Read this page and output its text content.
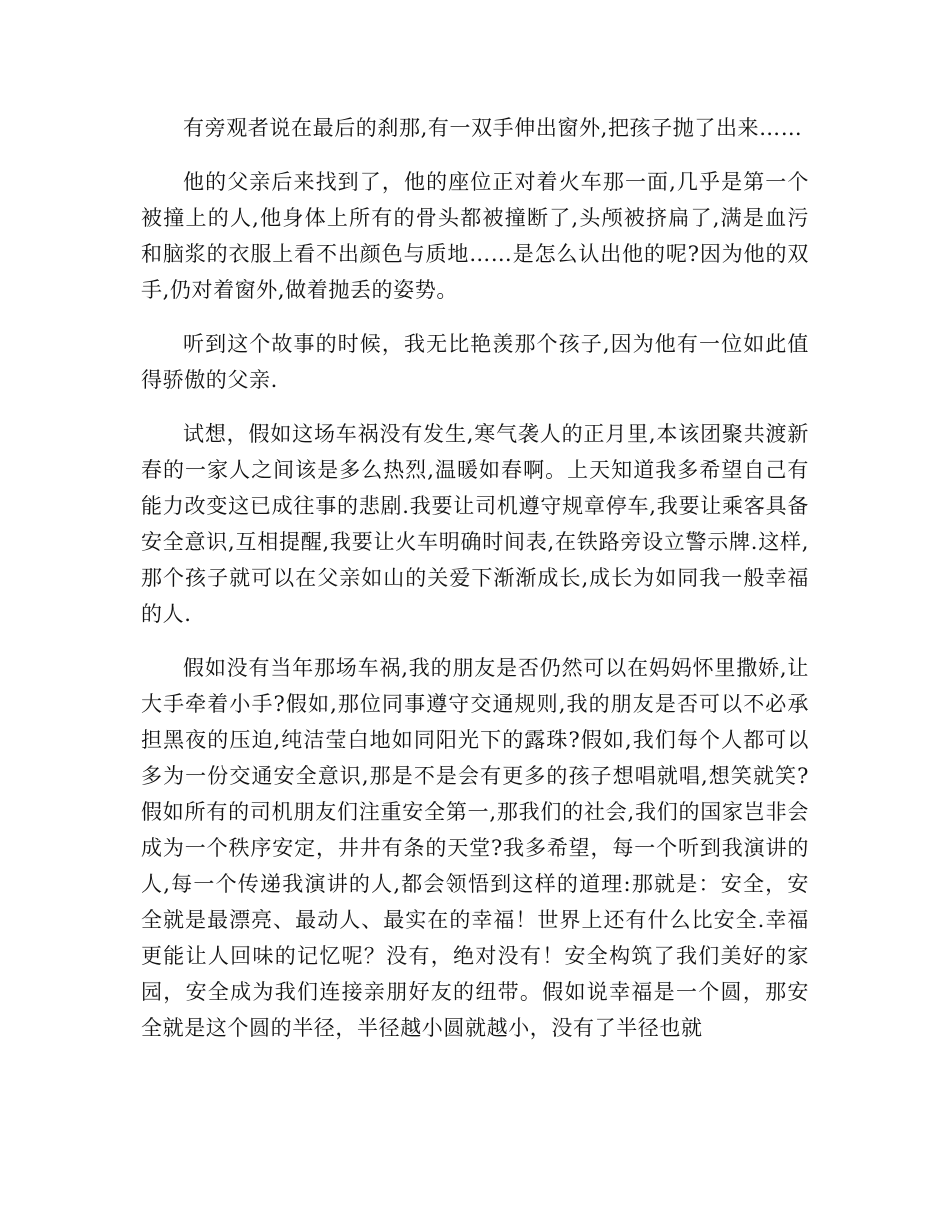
有旁观者说在最后的刹那,有一双手伸出窗外,把孩子抛了出来……

他的父亲后来找到了，他的座位正对着火车那一面,几乎是第一个被撞上的人,他身体上所有的骨头都被撞断了,头颅被挤扁了,满是血污和脑浆的衣服上看不出颜色与质地……是怎么认出他的呢?因为他的双手,仍对着窗外,做着抛丢的姿势。

听到这个故事的时候，我无比艳羡那个孩子,因为他有一位如此值得骄傲的父亲.

试想，假如这场车祸没有发生,寒气袭人的正月里,本该团聚共渡新春的一家人之间该是多么热烈,温暖如春啊。上天知道我多希望自己有能力改变这已成往事的悲剧.我要让司机遵守规章停车,我要让乘客具备安全意识,互相提醒,我要让火车明确时间表,在铁路旁设立警示牌.这样,那个孩子就可以在父亲如山的关爱下渐渐成长,成长为如同我一般幸福的人.

假如没有当年那场车祸,我的朋友是否仍然可以在妈妈怀里撒娇,让大手牵着小手?假如,那位同事遵守交通规则,我的朋友是否可以不必承担黑夜的压迫,纯洁莹白地如同阳光下的露珠?假如,我们每个人都可以多为一份交通安全意识,那是不是会有更多的孩子想唱就唱,想笑就笑?假如所有的司机朋友们注重安全第一,那我们的社会,我们的国家岂非会成为一个秩序安定，井井有条的天堂?我多希望，每一个听到我演讲的人,每一个传递我演讲的人,都会领悟到这样的道理:那就是：安全，安全就是最漂亮、最动人、最实在的幸福！世界上还有什么比安全.幸福更能让人回味的记忆呢？没有，绝对没有！安全构筑了我们美好的家园，安全成为我们连接亲朋好友的纽带。假如说幸福是一个圆，那安全就是这个圆的半径，半径越小圆就越小，没有了半径也就
